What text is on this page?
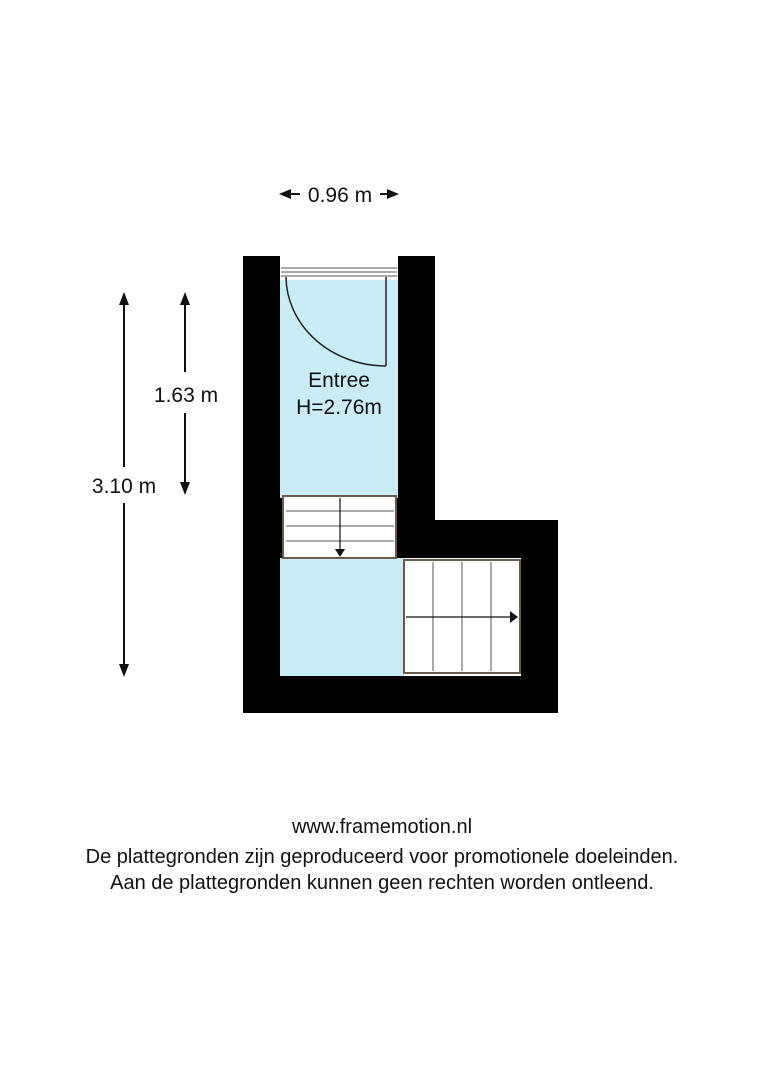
Entree
H=2.76m
0.96 m
1.63 m
3.10 m
www.framemotion.nl
De plattegronden zijn geproduceerd voor promotionele doeleinden.
Aan de plattegronden kunnen geen rechten worden ontleend.
